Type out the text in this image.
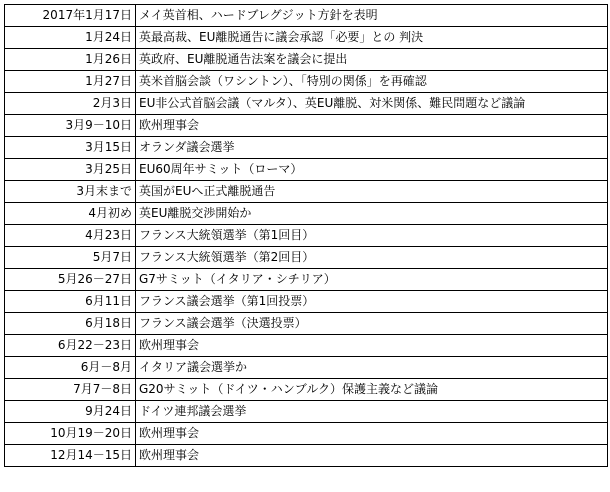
2017年1月17日	メイ英首相、ハードブレグジット方針を表明
1月24日	英最高裁、EU離脱通告に議会承認「必要」との 判決
1月26日	英政府、EU離脱通告法案を議会に提出
1月27日	英米首脳会談（ワシントン）、「特別の関係」を再確認
2月3日	EU非公式首脳会議（マルタ）、英EU離脱、対米関係、難民問題など議論
3月9－10日	欧州理事会
3月15日	オランダ議会選挙
3月25日	EU60周年サミット（ローマ）
3月末まで	英国がEUへ正式離脱通告
4月初め	英EU離脱交渉開始か
4月23日	フランス大統領選挙（第1回目）
5月7日	フランス大統領選挙（第2回目）
5月26－27日	G7サミット（イタリア・シチリア）
6月11日	フランス議会選挙（第1回投票）
6月18日	フランス議会選挙（決選投票）
6月22－23日	欧州理事会
6月－8月	イタリア議会選挙か
7月7－8日	G20サミット（ドイツ・ハンブルク）保護主義など議論
9月24日	ドイツ連邦議会選挙
10月19－20日	欧州理事会
12月14－15日	欧州理事会
